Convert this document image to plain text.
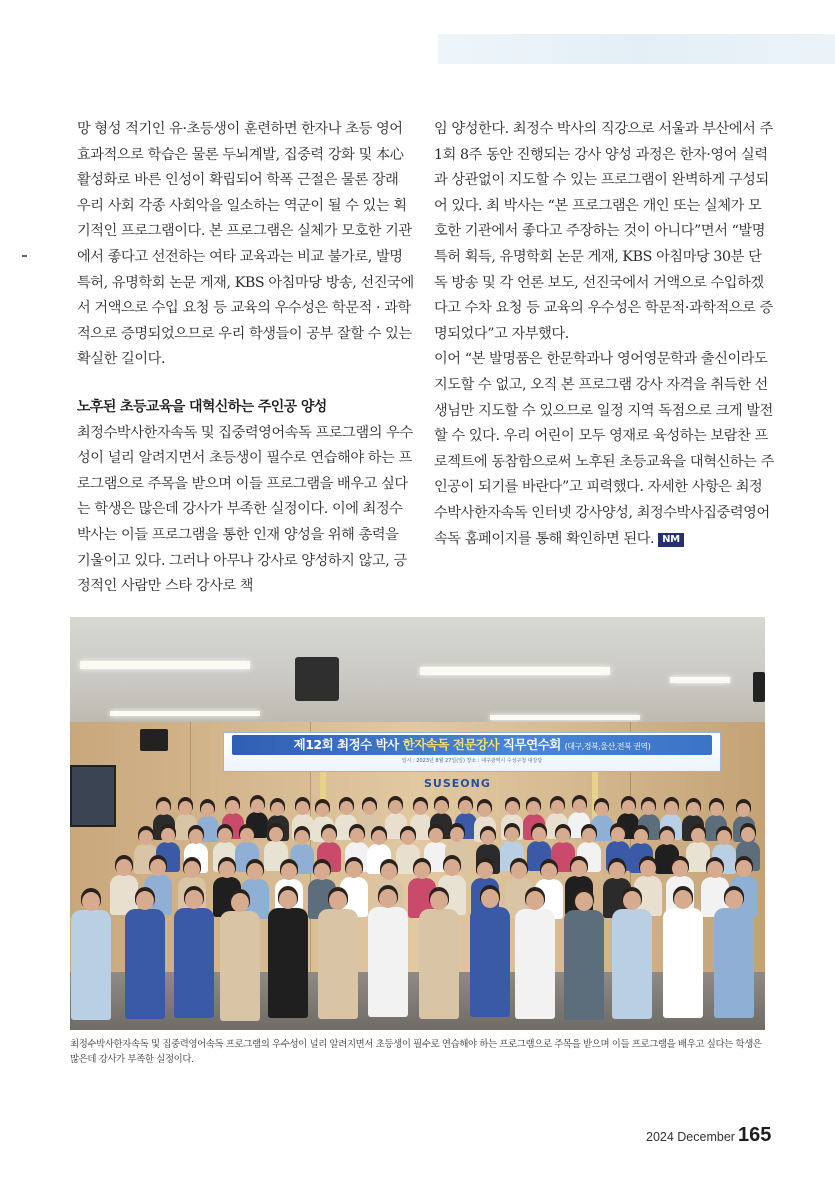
망 형성 적기인 유·초등생이 훈련하면 한자나 초등 영어 효과적으로 학습은 물론 두뇌계발, 집중력 강화 및 本心 활성화로 바른 인성이 확립되어 학폭 근절은 물론 장래 우리 사회 각종 사회악을 일소하는 역군이 될 수 있는 획기적인 프로그램이다. 본 프로그램은 실체가 모호한 기관에서 좋다고 선전하는 여타 교육과는 비교 불가로, 발명특허, 유명학회 논문 게재, KBS 아침마당 방송, 선진국에서 거액으로 수입 요청 등 교육의 우수성은 학문적 · 과학적으로 증명되었으므로 우리 학생들이 공부 잘할 수 있는 확실한 길이다.

노후된 초등교육을 대혁신하는 주인공 양성

최정수박사한자속독 및 집중력영어속독 프로그램의 우수성이 널리 알려지면서 초등생이 필수로 연습해야 하는 프로그램으로 주목을 받으며 이들 프로그램을 배우고 싶다는 학생은 많은데 강사가 부족한 실정이다. 이에 최정수 박사는 이들 프로그램을 통한 인재 양성을 위해 총력을 기울이고 있다. 그러나 아무나 강사로 양성하지 않고, 긍정적인 사람만 스타 강사로 책

임 양성한다. 최정수 박사의 직강으로 서울과 부산에서 주 1회 8주 동안 진행되는 강사 양성 과정은 한자·영어 실력과 상관없이 지도할 수 있는 프로그램이 완벽하게 구성되어 있다. 최 박사는 “본 프로그램은 개인 또는 실체가 모호한 기관에서 좋다고 주장하는 것이 아니다”면서 “발명특허 획득, 유명학회 논문 게재, KBS 아침마당 30분 단독 방송 및 각 언론 보도, 선진국에서 거액으로 수입하겠다고 수차 요청 등 교육의 우수성은 학문적·과학적으로 증명되었다”고 자부했다.

이어 “본 발명품은 한문학과나 영어영문학과 출신이라도 지도할 수 없고, 오직 본 프로그램 강사 자격을 취득한 선생님만 지도할 수 있으므로 일정 지역 독점으로 크게 발전할 수 있다. 우리 어린이 모두 영재로 육성하는 보람찬 프로젝트에 동참함으로써 노후된 초등교육을 대혁신하는 주인공이 되기를 바란다”고 피력했다. 자세한 사항은 최정수박사한자속독 인터넷 강사양성, 최정수박사집중력영어속독 홈페이지를 통해 확인하면 된다. NM

제12회 최정수 박사 한자속독 전문강사 직무연수회 (대구,경북,울산,전북 권역)
일시 : 2023년 8월 27일(일) 장소 : 대구광역시 수성구청 대강당
SUSEONG
최정수박사한자속독 및 집중력영어속독 프로그램의 우수성이 널리 알려지면서 초등생이 필수로 연습해야 하는 프로그램으로 주목을 받으며 이들 프로그램을 배우고 싶다는 학생은 많은데 강사가 부족한 실정이다.
2024 December 165
